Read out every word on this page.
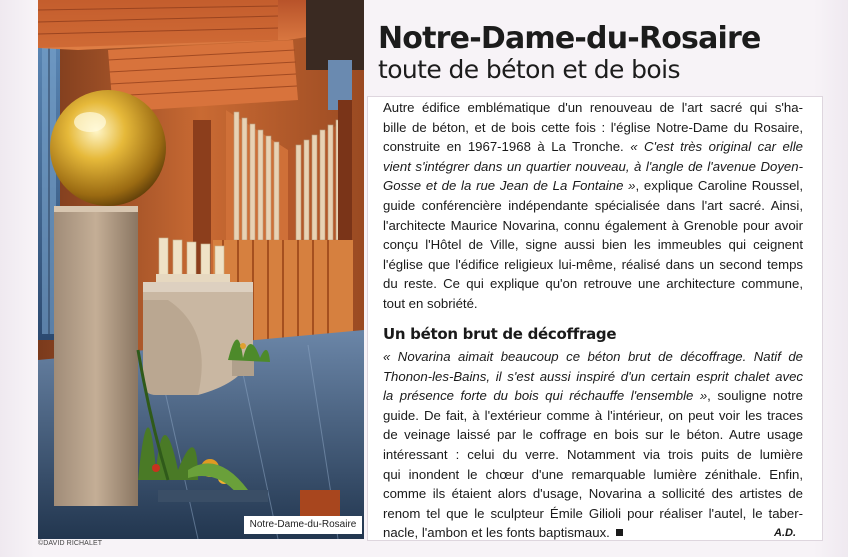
Notre-Dame-du-Rosaire
©DAVID RICHALET
Notre-Dame-du-Rosaire
toute de béton et de bois
Autre édifice emblématique d'un renouveau de l'art sacré qui s'ha-
bille de béton, et de bois cette fois : l'église Notre-Dame du Rosaire,
construite en 1967-1968 à La Tronche. « C'est très original car elle
vient s'intégrer dans un quartier nouveau, à l'angle de l'avenue Doyen-
Gosse et de la rue Jean de La Fontaine », explique Caroline Roussel,
guide conférencière indépendante spécialisée dans l'art sacré. Ainsi,
l'architecte Maurice Novarina, connu également à Grenoble pour avoir
conçu l'Hôtel de Ville, signe aussi bien les immeubles qui ceignent
l'église que l'édifice religieux lui-même, réalisé dans un second temps
du reste. Ce qui explique qu'on retrouve une architecture commune,
tout en sobriété.
Un béton brut de décoffrage
« Novarina aimait beaucoup ce béton brut de décoffrage. Natif de
Thonon-les-Bains, il s'est aussi inspiré d'un certain esprit chalet avec
la présence forte du bois qui réchauffe l'ensemble », souligne notre
guide. De fait, à l'extérieur comme à l'intérieur, on peut voir les traces
de veinage laissé par le coffrage en bois sur le béton. Autre usage
intéressant : celui du verre. Notamment via trois puits de lumière
qui inondent le chœur d'une remarquable lumière zénithale. Enfin,
comme ils étaient alors d'usage, Novarina a sollicité des artistes de
renom tel que le sculpteur Émile Gilioli pour réaliser l'autel, le taber-
nacle, l'ambon et les fonts baptismaux.	A.D.
